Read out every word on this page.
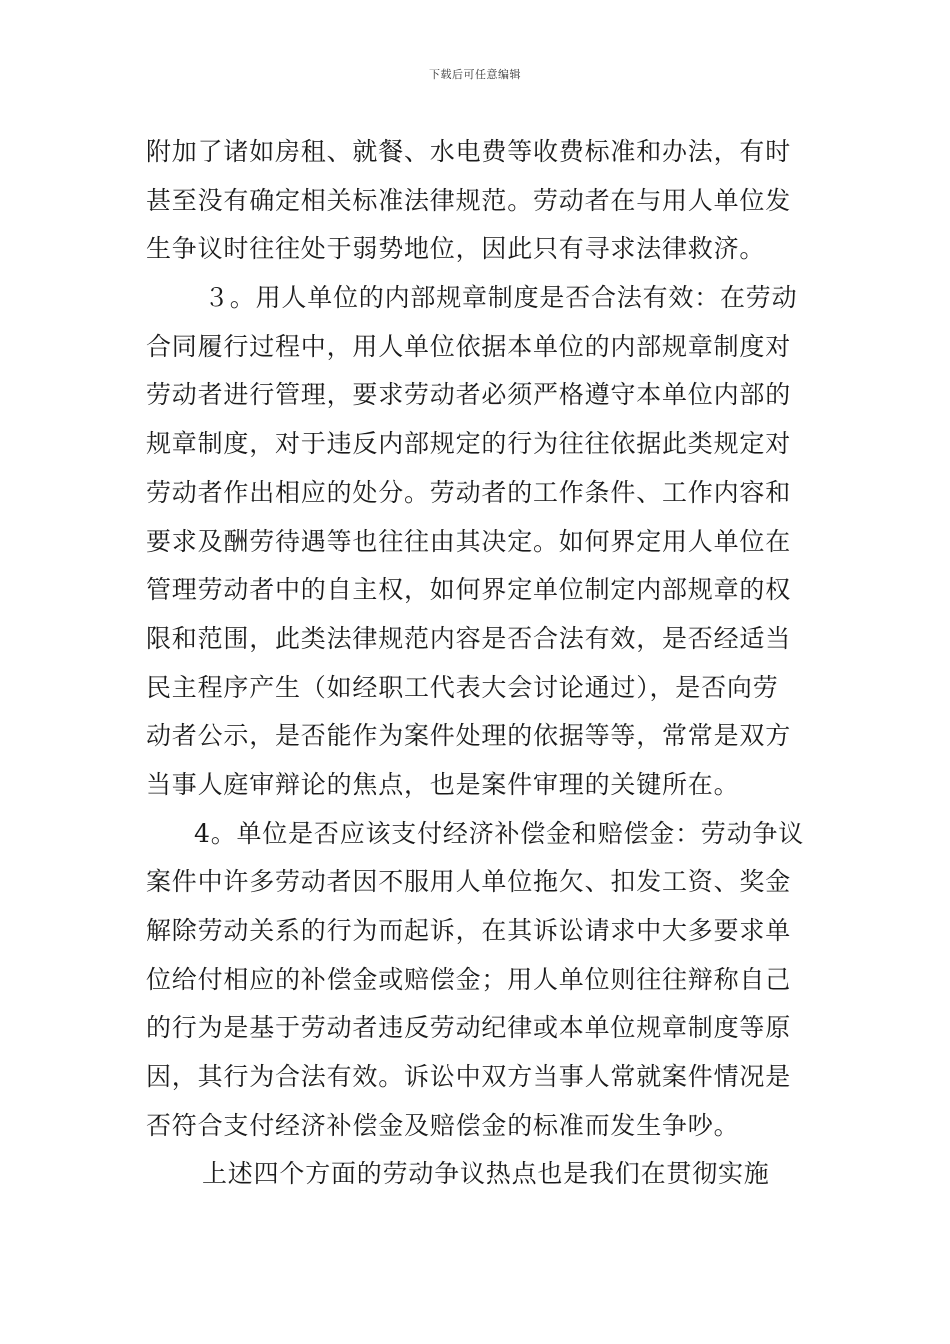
下载后可任意编辑
附加了诸如房租、就餐、水电费等收费标准和办法，有时
甚至没有确定相关标准法律规范。劳动者在与用人单位发
生争议时往往处于弱势地位，因此只有寻求法律救济。
３。用人单位的内部规章制度是否合法有效：在劳动
合同履行过程中，用人单位依据本单位的内部规章制度对
劳动者进行管理，要求劳动者必须严格遵守本单位内部的
规章制度，对于违反内部规定的行为往往依据此类规定对
劳动者作出相应的处分。劳动者的工作条件、工作内容和
要求及酬劳待遇等也往往由其决定。如何界定用人单位在
管理劳动者中的自主权，如何界定单位制定内部规章的权
限和范围，此类法律规范内容是否合法有效，是否经适当
民主程序产生（如经职工代表大会讨论通过），是否向劳
动者公示，是否能作为案件处理的依据等等，常常是双方
当事人庭审辩论的焦点，也是案件审理的关键所在。
4。单位是否应该支付经济补偿金和赔偿金：劳动争议
案件中许多劳动者因不服用人单位拖欠、扣发工资、奖金
解除劳动关系的行为而起诉，在其诉讼请求中大多要求单
位给付相应的补偿金或赔偿金；用人单位则往往辩称自己
的行为是基于劳动者违反劳动纪律或本单位规章制度等原
因，其行为合法有效。诉讼中双方当事人常就案件情况是
否符合支付经济补偿金及赔偿金的标准而发生争吵。
上述四个方面的劳动争议热点也是我们在贯彻实施
